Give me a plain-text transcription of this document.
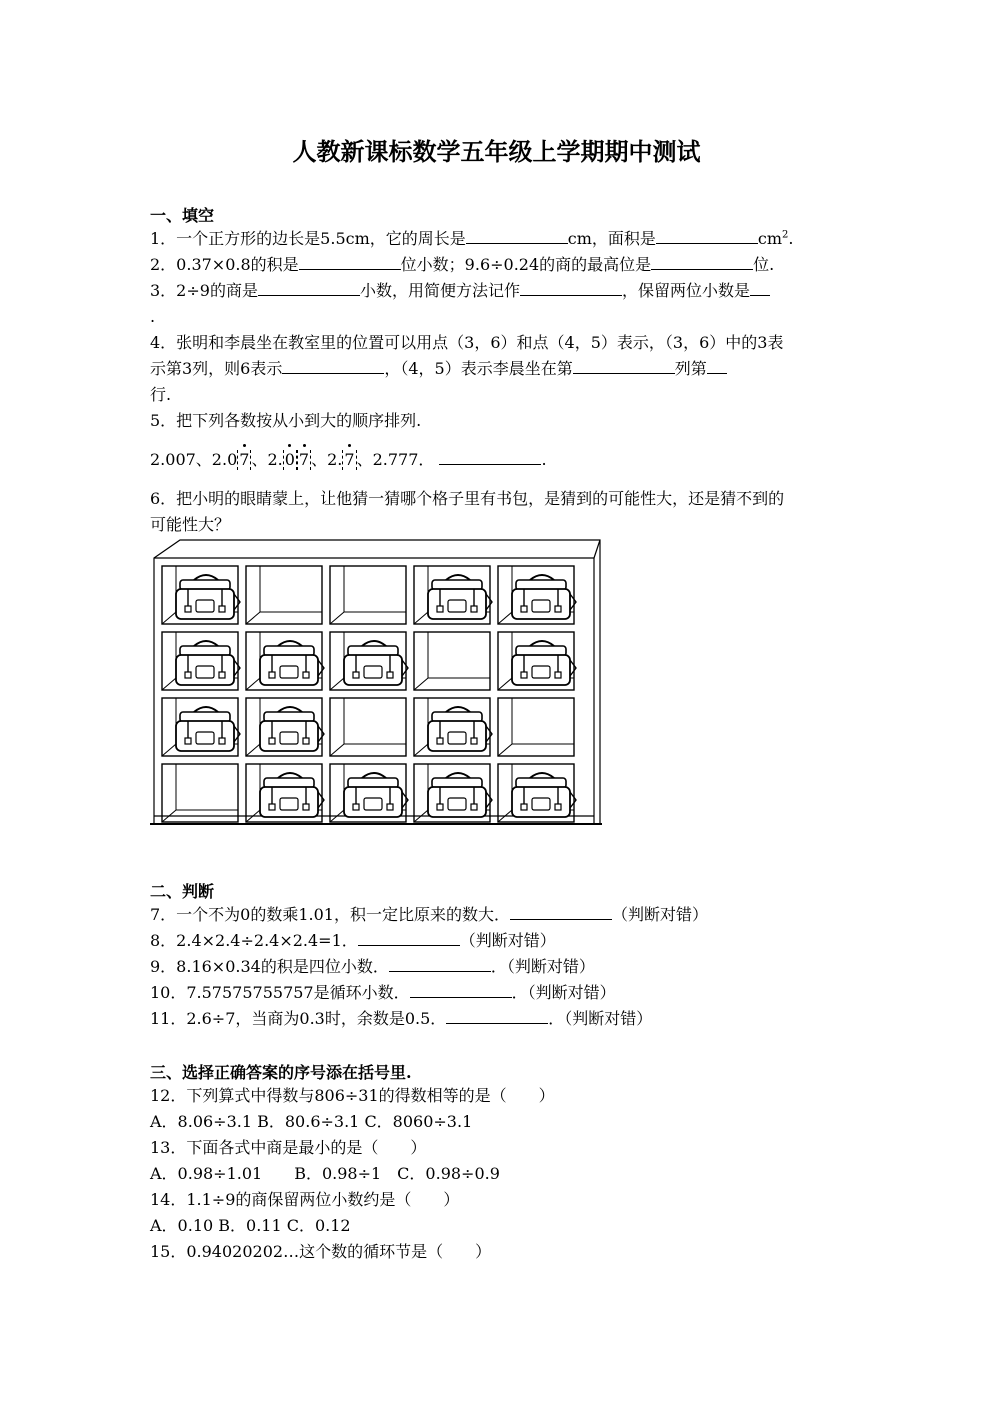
人教新课标数学五年级上学期期中测试
一、填空
1．一个正方形的边长是5.5cm，它的周长是	cm，面积是	$cm^2$.
2．0.37×0.8的积是	位小数；9.6÷0.24的商的最高位是	位.
3．2÷9的商是	小数，用简便方法记作	，保留两位小数是
.
4．张明和李晨坐在教室里的位置可以用点（3，6）和点（4，5）表示，（3，6）中的3表
示第3列，则6表示	，（4，5）表示李晨坐在第	列第
行.
5．把下列各数按从小到大的顺序排列.
2.007、2.0 7 、2. 0 7 、2. 7 、2.777．	.
6．把小明的眼睛蒙上，让他猜一猜哪个格子里有书包，是猜到的可能性大，还是猜不到的
可能性大？
二、判断
7．一个不为0的数乘1.01，积一定比原来的数大．	（判断对错）
8．2.4×2.4÷2.4×2.4=1．	（判断对错）
9．8.16×0.34的积是四位小数．	．（判断对错）
10．7.57575755757是循环小数．	．（判断对错）
11．2.6÷7，当商为0.3时，余数是0.5．	．（判断对错）
三、选择正确答案的序号添在括号里.
12．下列算式中得数与806÷31的得数相等的是（　　）
A．8.06÷3.1 B．80.6÷3.1 C．8060÷3.1
13．下面各式中商是最小的是（　　）
A．0.98÷1.01　　B．0.98÷1　C．0.98÷0.9
14．1.1÷9的商保留两位小数约是（　　）
A．0.10 B．0.11 C．0.12
15．0.94020202…这个数的循环节是（　　）
